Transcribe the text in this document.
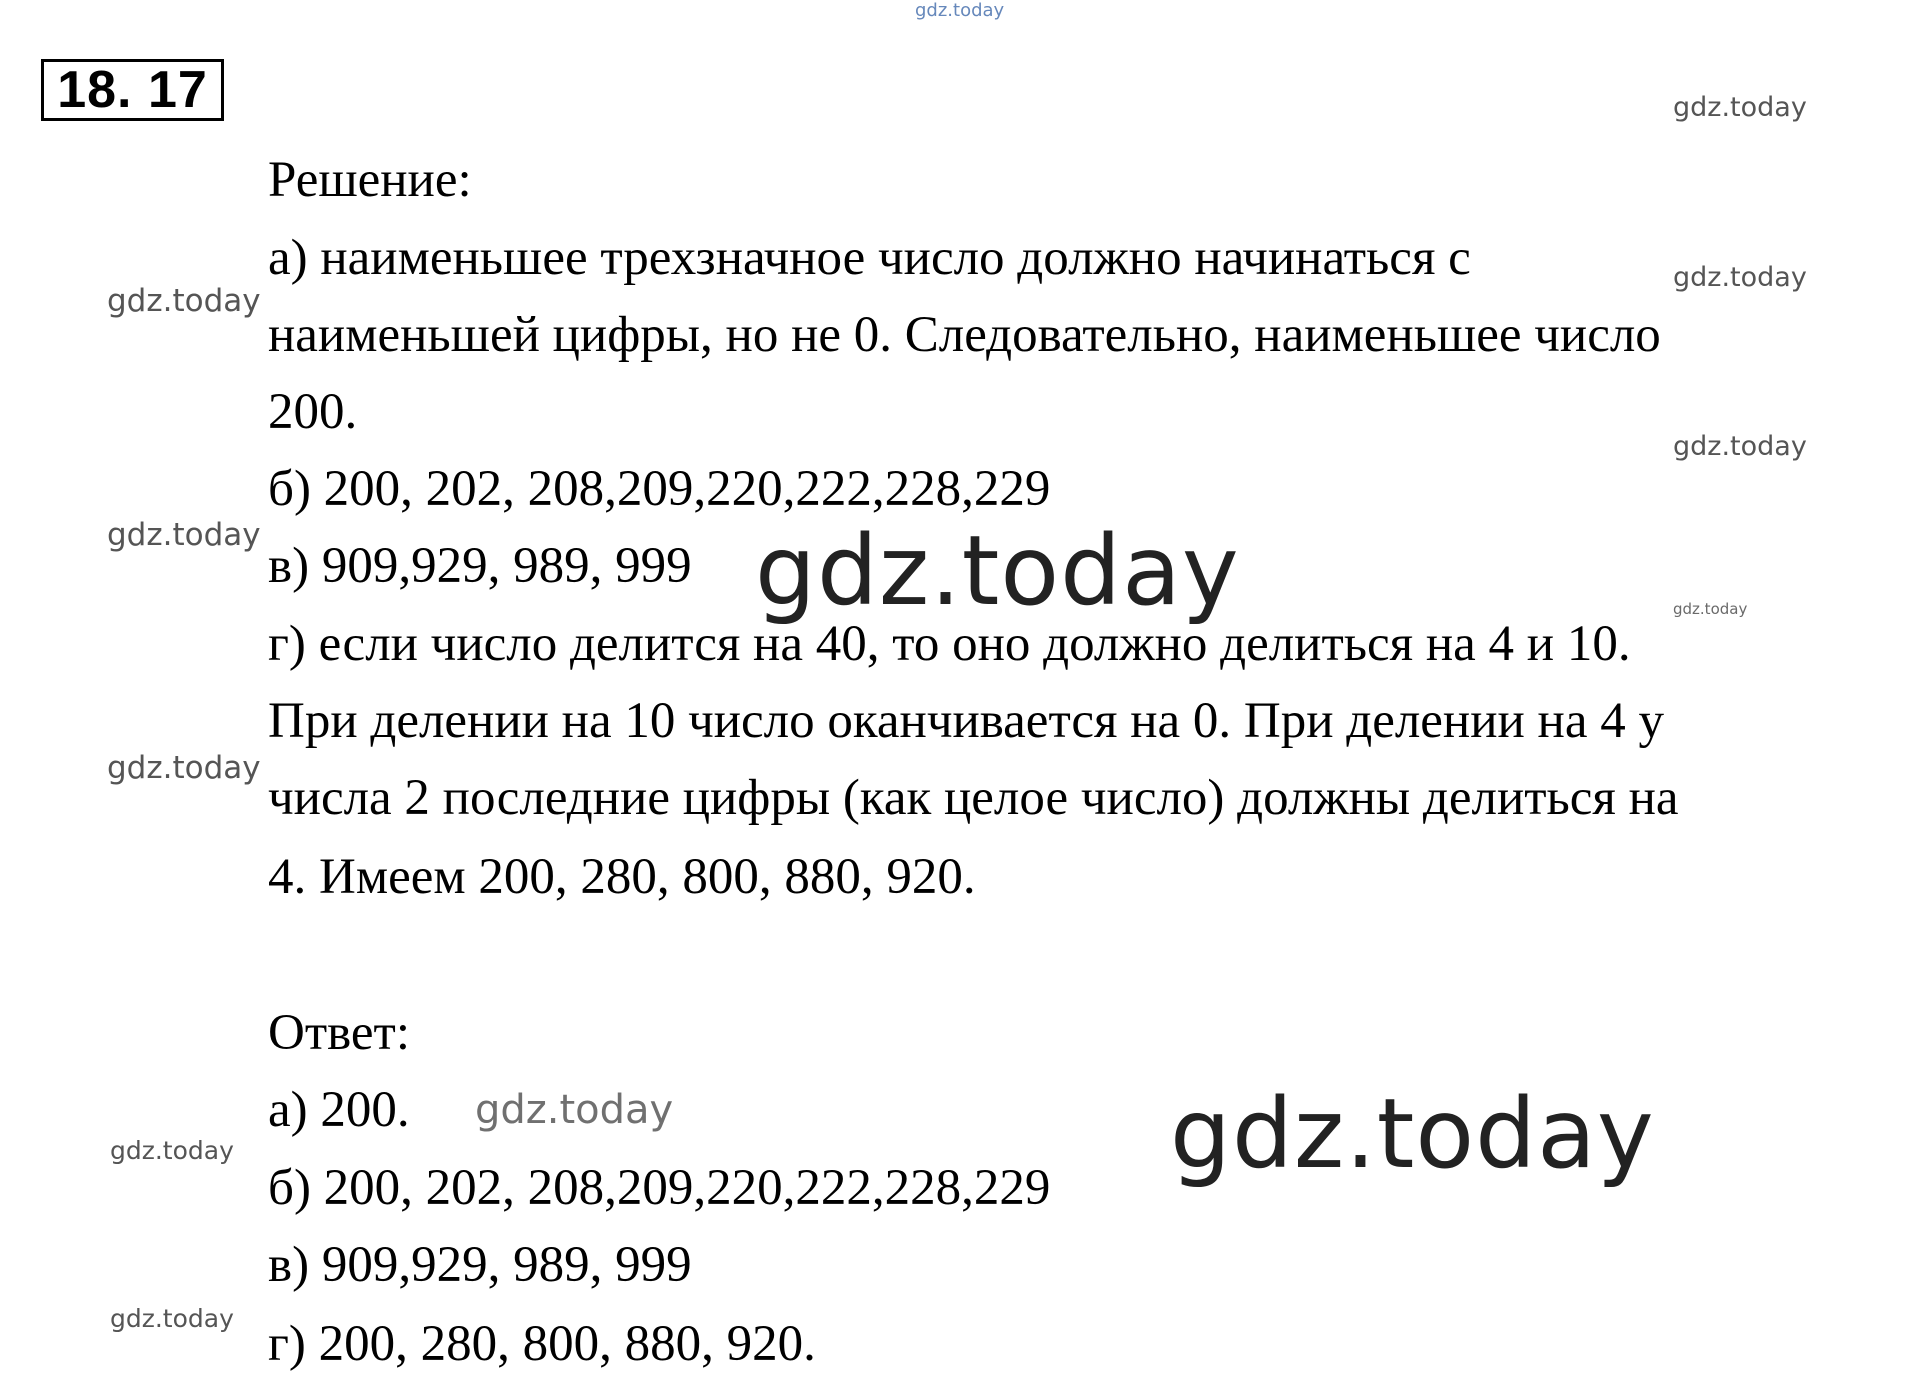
18. 17
Решение:
а) наименьшее трехзначное число должно начинаться с
наименьшей цифры, но не 0. Следовательно, наименьшее число
200.
б) 200, 202, 208,209,220,222,228,229
в) 909,929, 989, 999
г) если число делится на 40, то оно должно делиться на 4 и 10.
При делении на 10 число оканчивается на 0. При делении на 4 у
числа 2 последние цифры (как целое число) должны делиться на
4. Имеем 200, 280, 800, 880, 920.
Ответ:
а) 200.
б) 200, 202, 208,209,220,222,228,229
в) 909,929, 989, 999
г) 200, 280, 800, 880, 920.
gdz.today
gdz.today
gdz.today
gdz.today
gdz.today
gdz.today
gdz.today
gdz.today
gdz.today
gdz.today	gdz.today
gdz.today
gdz.today
